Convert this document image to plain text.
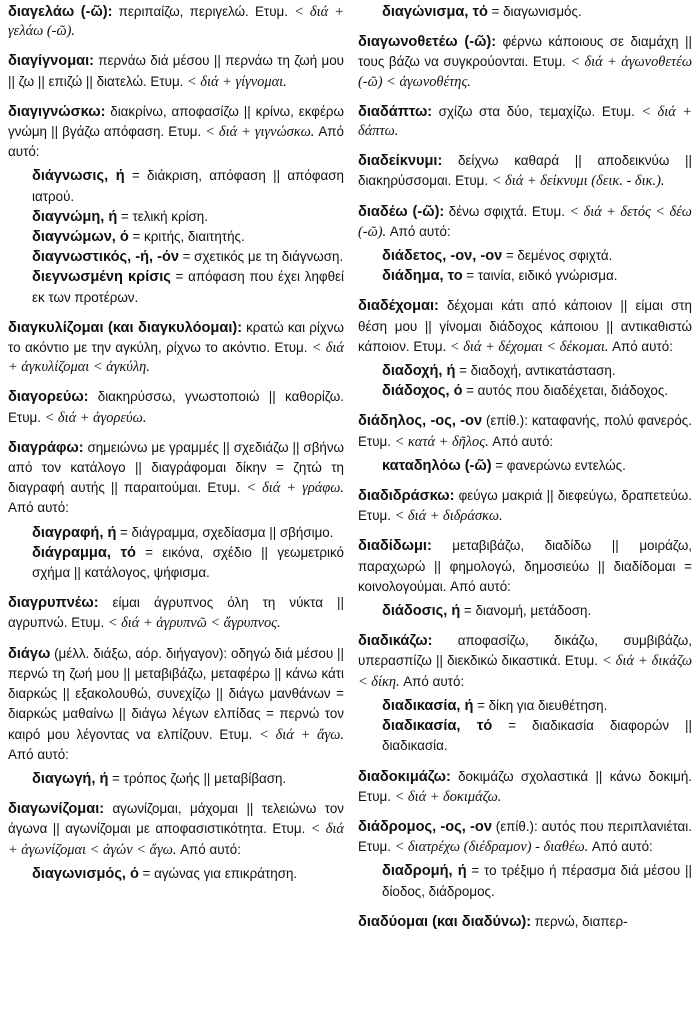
διαγελάω (-ῶ): περιπαίζω, περιγελώ. Ετυμ. < διά + γελάω (-ῶ).
διαγίγνομαι: περνάω διά μέσου || περνάω τη ζωή μου || ζω || επιζώ || διατελώ. Ετυμ. < διά + γίγνομαι.
διαγιγνώσκω: διακρίνω, αποφασίζω || κρίνω, εκφέρω γνώμη || βγάζω απόφαση. Ετυμ. < διά + γιγνώσκω. Από αυτό:
διάγνωσις, ή = διάκριση, απόφαση || απόφαση ιατρού.
διαγνώμη, ή = τελική κρίση.
διαγνώμων, ό = κριτής, διαιτητής.
διαγνωστικός, -ή, -όν = σχετικός με τη διάγνωση.
διεγνωσμένη κρίσις = απόφαση που έχει ληφθεί εκ των προτέρων.
διαγκυλίζομαι (και διαγκυλόομαι): κρατώ και ρίχνω το ακόντιο με την αγκύλη, ρίχνω το ακόντιο. Ετυμ. < διά + ἀγκυλίζομαι < ἀγκύλη.
διαγορεύω: διακηρύσσω, γνωστοποιώ || καθορίζω. Ετυμ. < διά + ἀγορεύω.
διαγράφω: σημειώνω με γραμμές || σχεδιάζω || σβήνω από τον κατάλογο || διαγράφομαι δίκην = ζητώ τη διαγραφή αυτής || παραιτούμαι. Ετυμ. < διά + γράφω. Από αυτό:
διαγραφή, ή = διάγραμμα, σχεδίασμα || σβήσιμο.
διάγραμμα, τό = εικόνα, σχέδιο || γεωμετρικό σχήμα || κατάλογος, ψήφισμα.
διαγρυπνέω: είμαι άγρυπνος όλη τη νύκτα || αγρυπνώ. Ετυμ. < διά + ἀγρυπνῶ < ἄγρυπνος.
διάγω (μέλλ. διάξω, αόρ. διήγαγον): οδηγώ διά μέσου || περνώ τη ζωή μου || μεταβιβάζω, μεταφέρω || κάνω κάτι διαρκώς || εξακολουθώ, συνεχίζω || διάγω μανθάνων = διαρκώς μαθαίνω || διάγω λέγων ελπίδας = περνώ τον καιρό μου λέγοντας να ελπίζουν. Ετυμ. < διά + ἄγω. Από αυτό:
διαγωγή, ή = τρόπος ζωής || μεταβίβαση.
διαγωνίζομαι: αγωνίζομαι, μάχομαι || τελειώνω τον άγωνα || αγωνίζομαι με αποφασιστικότητα. Ετυμ. < διά + ἀγωνίζομαι < ἀγών < ἄγω. Από αυτό:
διαγωνισμός, ό = αγώνας για επικράτηση.
διαγώνισμα, τό = διαγωνισμός.
διαγωνοθετέω (-ῶ): φέρνω κάποιους σε διαμάχη || τους βάζω να συγκρούονται. Ετυμ. < διά + ἀγωνοθετέω (-ῶ) < ἀγωνοθέτης.
διαδάπτω: σχίζω στα δύο, τεμαχίζω. Ετυμ. < διά + δάπτω.
διαδείκνυμι: δείχνω καθαρά || αποδεικνύω || διακηρύσσομαι. Ετυμ. < διά + δείκνυμι (δεικ. - δικ.).
διαδέω (-ῶ): δένω σφιχτά. Ετυμ. < διά + δετός < δέω (-ῶ). Από αυτό:
διάδετος, -ον, -ον = δεμένος σφιχτά.
διάδημα, το = ταινία, ειδικό γνώρισμα.
διαδέχομαι: δέχομαι κάτι από κάποιον || είμαι στη θέση μου || γίνομαι διάδοχος κάποιου || αντικαθιστώ κάποιον. Ετυμ. < διά + δέχομαι < δέκομαι. Από αυτό:
διαδοχή, ή = διαδοχή, αντικατάσταση.
διάδοχος, ό = αυτός που διαδέχεται, διάδοχος.
διάδηλος, -ος, -ον (επίθ.): καταφανής, πολύ φανερός. Ετυμ. < κατά + δῆλος. Από αυτό:
καταδηλόω (-ῶ) = φανερώνω εντελώς.
διαδιδράσκω: φεύγω μακριά || διεφεύγω, δραπετεύω. Ετυμ. < διά + διδράσκω.
διαδίδωμι: μεταβιβάζω, διαδίδω || μοιράζω, παραχωρώ || φημολογώ, δημοσιεύω || διαδίδομαι = κοινολογούμαι. Από αυτό:
διάδοσις, ή = διανομή, μετάδοση.
διαδικάζω: αποφασίζω, δικάζω, συμβιβάζω, υπερασπίζω || διεκδικώ δικαστικά. Ετυμ. < διά + δικάζω < δίκη. Από αυτό:
διαδικασία, ή = δίκη για διευθέτηση.
διαδικασία, τό = διαδικασία διαφορών || διαδικασία.
διαδοκιμάζω: δοκιμάζω σχολαστικά || κάνω δοκιμή. Ετυμ. < διά + δοκιμάζω.
διάδρομος, -ος, -ον (επίθ.): αυτός που περιπλανιέται. Ετυμ. < διατρέχω (διέδραμον) - διαθέω. Από αυτό:
διαδρομή, ή = το τρέξιμο ή πέρασμα διά μέσου || δίοδος, διάδρομος.
διαδύομαι (και διαδύνω): περνώ, διαπερ-
